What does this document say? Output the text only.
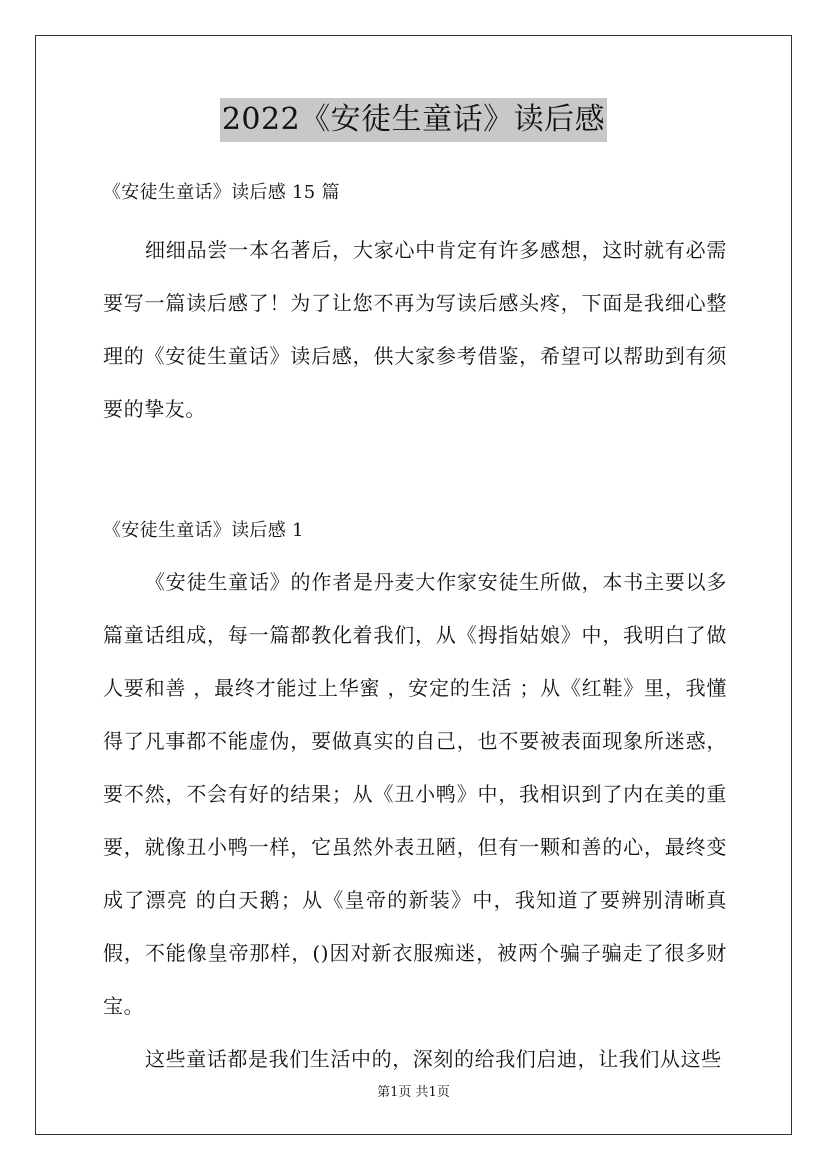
2022《安徒生童话》读后感

《安徒生童话》读后感 15 篇

细细品尝一本名著后，大家心中肯定有许多感想，这时就有必需要写一篇读后感了！为了让您不再为写读后感头疼，下面是我细心整理的《安徒生童话》读后感，供大家参考借鉴，希望可以帮助到有须要的挚友。

《安徒生童话》读后感 1

《安徒生童话》的作者是丹麦大作家安徒生所做，本书主要以多篇童话组成，每一篇都教化着我们，从《拇指姑娘》中，我明白了做人要和善 ，最终才能过上华蜜 ，安定的生活 ；从《红鞋》里，我懂得了凡事都不能虚伪，要做真实的自己，也不要被表面现象所迷惑，要不然，不会有好的结果；从《丑小鸭》中，我相识到了内在美的重要，就像丑小鸭一样，它虽然外表丑陋，但有一颗和善的心，最终变成了漂亮 的白天鹅；从《皇帝的新装》中，我知道了要辨别清晰真假，不能像皇帝那样，()因对新衣服痴迷，被两个骗子骗走了很多财宝。

这些童话都是我们生活中的，深刻的给我们启迪，让我们从这些

第1页 共1页
